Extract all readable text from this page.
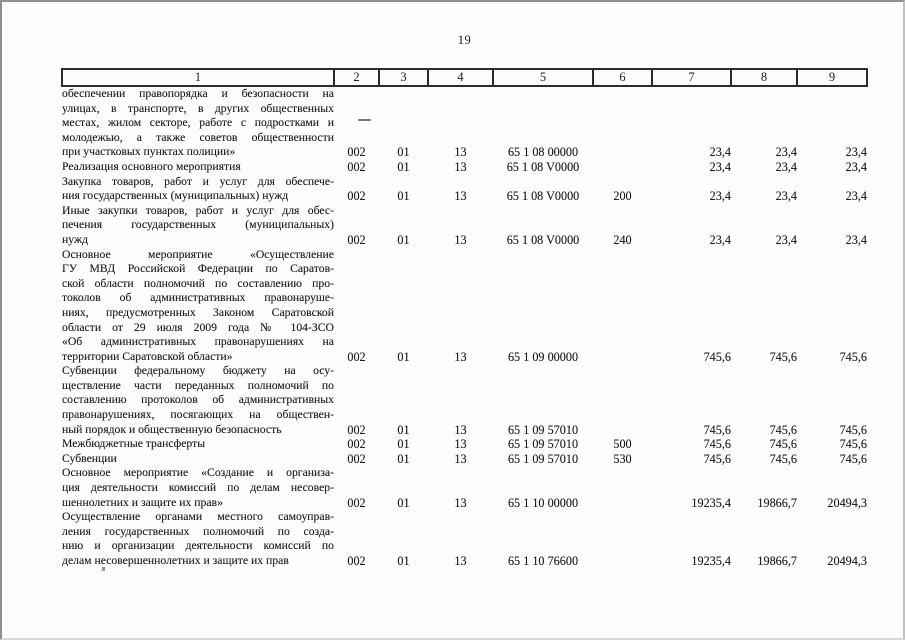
19
1	2	3	4	5	6	7	8	9

обеспечении правопорядка и безопасности на
улицах, в транспорте, в других общественных
местах, жилом секторе, работе с подростками и
молодежью, а также советов общественности
при участковых пунктах полиции»	002	01	13	65 1 08 00000		23,4	23,4	23,4

Реализация основного мероприятия	002	01	13	65 1 08 V0000		23,4	23,4	23,4

Закупка товаров, работ и услуг для обеспече-
ния государственных (муниципальных) нужд	002	01	13	65 1 08 V0000	200	23,4	23,4	23,4

Иные закупки товаров, работ и услуг для обес-
печения государственных (муниципальных)
нужд	002	01	13	65 1 08 V0000	240	23,4	23,4	23,4

Основное мероприятие «Осуществление
ГУ МВД Российской Федерации по Саратов-
ской области полномочий по составлению про-
токолов об административных правонаруше-
ниях, предусмотренных Законом Саратовской
области от 29 июля 2009 года № 104-ЗСО
«Об административных правонарушениях на
территории Саратовской области»	002	01	13	65 1 09 00000		745,6	745,6	745,6

Субвенции федеральному бюджету на осу-
ществление части переданных полномочий по
составлению протоколов об административных
правонарушениях, посягающих на обществен-
ный порядок и общественную безопасность	002	01	13	65 1 09 57010		745,6	745,6	745,6

Межбюджетные трансферты	002	01	13	65 1 09 57010	500	745,6	745,6	745,6

Субвенции	002	01	13	65 1 09 57010	530	745,6	745,6	745,6

Основное мероприятие «Создание и организа-
ция деятельности комиссий по делам несовер-
шеннолетних и защите их прав»	002	01	13	65 1 10 00000		19235,4	19866,7	20494,3

Осуществление органами местного самоуправ-
ления государственных полномочий по созда-
нию и организации деятельности комиссий по
делам несовершеннолетних и защите их прав	002	01	13	65 1 10 76600		19235,4	19866,7	20494,3
